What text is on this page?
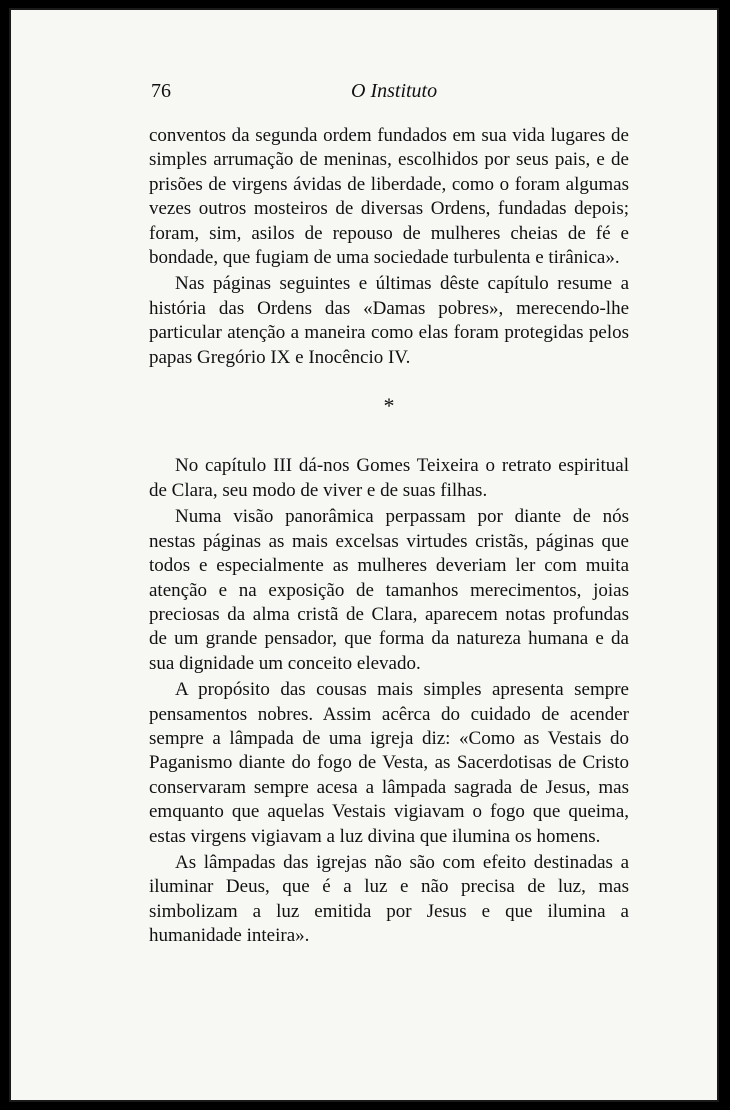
76	O Instituto

conventos da segunda ordem fundados em sua vida lugares de simples arrumação de meninas, escolhidos por seus pais, e de prisões de virgens ávidas de liberdade, como o foram algumas vezes outros mosteiros de diversas Ordens, fundadas depois; foram, sim, asilos de repouso de mulheres cheias de fé e bondade, que fugiam de uma sociedade turbulenta e tirânica».

Nas páginas seguintes e últimas dêste capítulo resume a história das Ordens das «Damas pobres», merecendo-lhe particular atenção a maneira como elas foram protegidas pelos papas Gregório IX e Inocêncio IV.

*

No capítulo III dá-nos Gomes Teixeira o retrato espiritual de Clara, seu modo de viver e de suas filhas.

Numa visão panorâmica perpassam por diante de nós nestas páginas as mais excelsas virtudes cristãs, páginas que todos e especialmente as mulheres deveriam ler com muita atenção e na exposição de tamanhos merecimentos, joias preciosas da alma cristã de Clara, aparecem notas profundas de um grande pensador, que forma da natureza humana e da sua dignidade um conceito elevado.

A propósito das cousas mais simples apresenta sempre pensamentos nobres. Assim acêrca do cuidado de acender sempre a lâmpada de uma igreja diz: «Como as Vestais do Paganismo diante do fogo de Vesta, as Sacerdotisas de Cristo conservaram sempre acesa a lâmpada sagrada de Jesus, mas emquanto que aquelas Vestais vigiavam o fogo que queima, estas virgens vigiavam a luz divina que ilumina os homens.

As lâmpadas das igrejas não são com efeito destinadas a iluminar Deus, que é a luz e não precisa de luz, mas simbolizam a luz emitida por Jesus e que ilumina a humanidade inteira».
